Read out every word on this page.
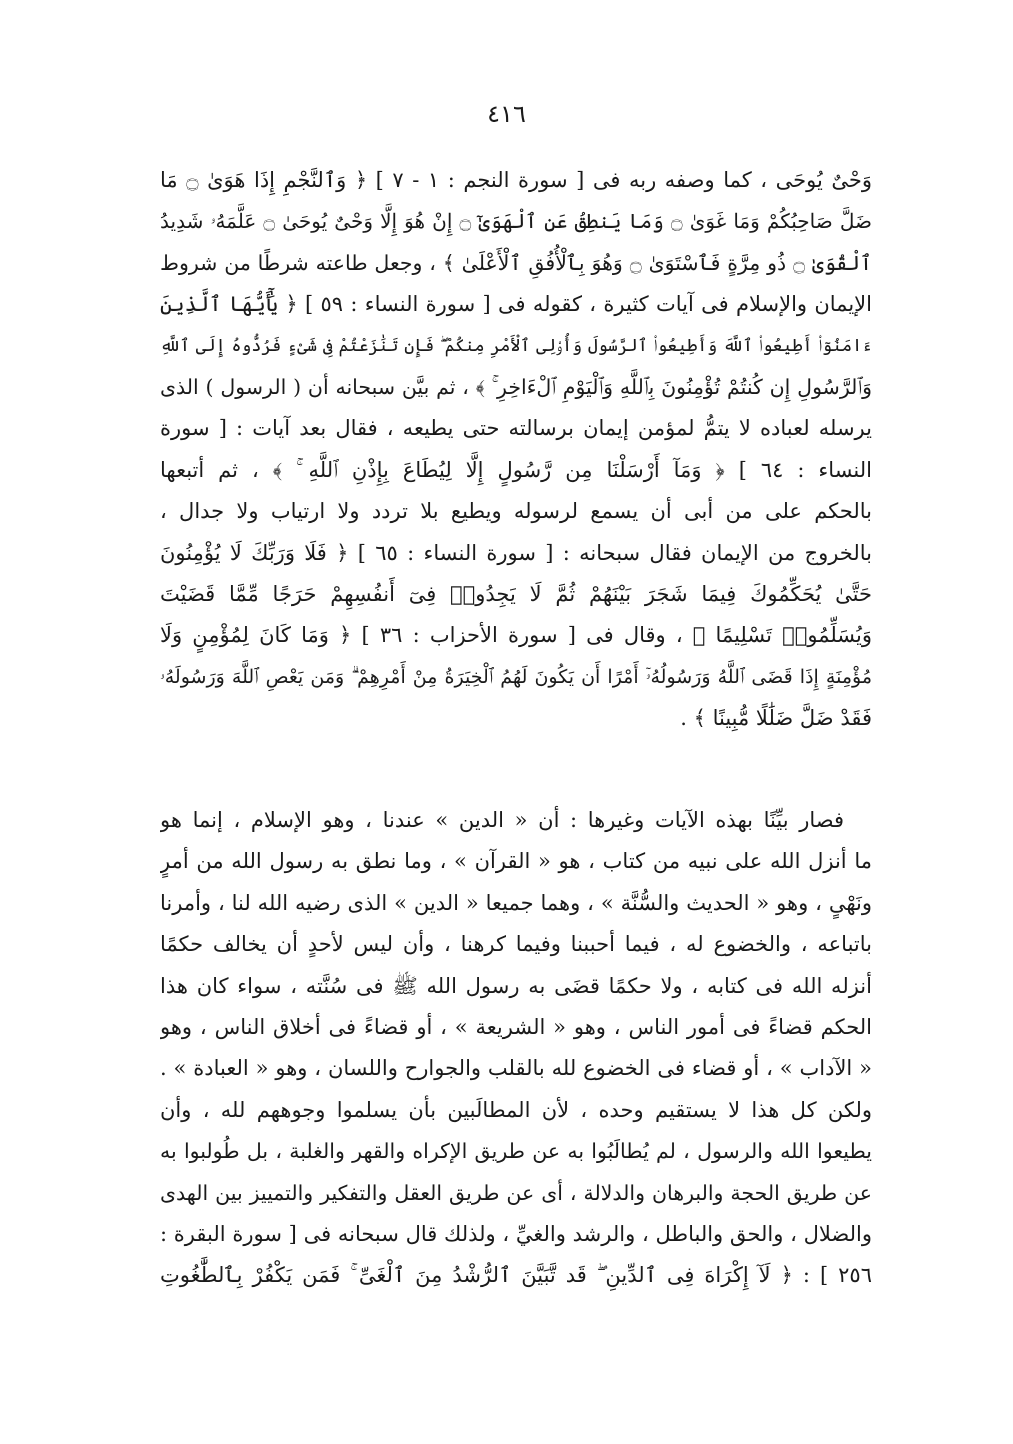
٤١٦
وَحْىٌ يُوحَى ، كما وصفه ربه فى [ سورة النجم : ١ - ٧ ] ﴿ وَٱلنَّجْمِ إِذَا هَوَىٰ ۝ مَا
ضَلَّ صَاحِبُكُمْ وَمَا غَوَىٰ ۝ وَمَا يَنطِقُ عَنِ ٱلْهَوَىٰٓ ۝ إِنْ هُوَ إِلَّا وَحْىٌ يُوحَىٰ ۝ عَلَّمَهُۥ شَدِيدُ
ٱلْقُوَىٰ ۝ ذُو مِرَّةٍ فَٱسْتَوَىٰ ۝ وَهُوَ بِٱلْأُفُقِ ٱلْأَعْلَىٰ ﴾ ، وجعل طاعته شرطًا من شروط
الإيمان والإسلام فى آيات كثيرة ، كقوله فى [ سورة النساء : ٥٩ ] ﴿ يَٰٓأَيُّهَا ٱلَّذِينَ
ءَامَنُوٓا۟ أَطِيعُوا۟ ٱللَّهَ وَأَطِيعُوا۟ ٱلرَّسُولَ وَأُو۟لِى ٱلْأَمْرِ مِنكُمْ ۖ فَإِن تَنَٰزَعْتُمْ فِى شَىْءٍ فَرُدُّوهُ إِلَى ٱللَّهِ
وَٱلرَّسُولِ إِن كُنتُمْ تُؤْمِنُونَ بِٱللَّهِ وَٱلْيَوْمِ ٱلْءَاخِرِ ۚ ﴾ ، ثم بيَّن سبحانه أن ( الرسول ) الذى
يرسله لعباده لا يتمُّ لمؤمن إيمان برسالته حتى يطيعه ، فقال بعد آيات : [ سورة
النساء : ٦٤ ] ﴿ وَمَآ أَرْسَلْنَا مِن رَّسُولٍ إِلَّا لِيُطَاعَ بِإِذْنِ ٱللَّهِ ۚ ﴾ ، ثم أتبعها
بالحكم على من أبى أن يسمع لرسوله ويطيع بلا تردد ولا ارتياب ولا جدال ،
بالخروج من الإيمان فقال سبحانه : [ سورة النساء : ٦٥ ] ﴿ فَلَا وَرَبِّكَ لَا يُؤْمِنُونَ
حَتَّىٰ يُحَكِّمُوكَ فِيمَا شَجَرَ بَيْنَهُمْ ثُمَّ لَا يَجِدُوا۟ فِىٓ أَنفُسِهِمْ حَرَجًا مِّمَّا قَضَيْتَ
وَيُسَلِّمُوا۟ تَسْلِيمًا ﴾ ، وقال فى [ سورة الأحزاب : ٣٦ ] ﴿ وَمَا كَانَ لِمُؤْمِنٍ وَلَا
مُؤْمِنَةٍ إِذَا قَضَى ٱللَّهُ وَرَسُولُهُۥٓ أَمْرًا أَن يَكُونَ لَهُمُ ٱلْخِيَرَةُ مِنْ أَمْرِهِمْ ۗ وَمَن يَعْصِ ٱللَّهَ وَرَسُولَهُۥ
فَقَدْ ضَلَّ ضَلَٰلًا مُّبِينًا ﴾ .
فصار بيِّنًا بهذه الآيات وغيرها : أن « الدين » عندنا ، وهو الإسلام ، إنما هو
ما أنزل الله على نبيه من كتاب ، هو « القرآن » ، وما نطق به رسول الله من أمرٍ
ونَهْىٍ ، وهو « الحديث والسُّنَّة » ، وهما جميعا « الدين » الذى رضيه الله لنا ، وأمرنا
باتباعه ، والخضوع له ، فيما أحببنا وفيما كرهنا ، وأن ليس لأحدٍ أن يخالف حكمًا
أنزله الله فى كتابه ، ولا حكمًا قضَى به رسول الله ﷺ فى سُنَّته ، سواء كان هذا
الحكم قضاءً فى أمور الناس ، وهو « الشريعة » ، أو قضاءً فى أخلاق الناس ، وهو
« الآداب » ، أو قضاء فى الخضوع لله بالقلب والجوارح واللسان ، وهو « العبادة » .
ولكن كل هذا لا يستقيم وحده ، لأن المطالَبين بأن يسلموا وجوههم لله ، وأن
يطيعوا الله والرسول ، لم يُطالَبُوا به عن طريق الإكراه والقهر والغلبة ، بل طُولبوا به
عن طريق الحجة والبرهان والدلالة ، أى عن طريق العقل والتفكير والتمييز بين الهدى
والضلال ، والحق والباطل ، والرشد والغيِّ ، ولذلك قال سبحانه فى [ سورة البقرة :
٢٥٦ ] : ﴿ لَآ إِكْرَاهَ فِى ٱلدِّينِ ۖ قَد تَّبَيَّنَ ٱلرُّشْدُ مِنَ ٱلْغَىِّ ۚ فَمَن يَكْفُرْ بِٱلطَّٰغُوتِ
